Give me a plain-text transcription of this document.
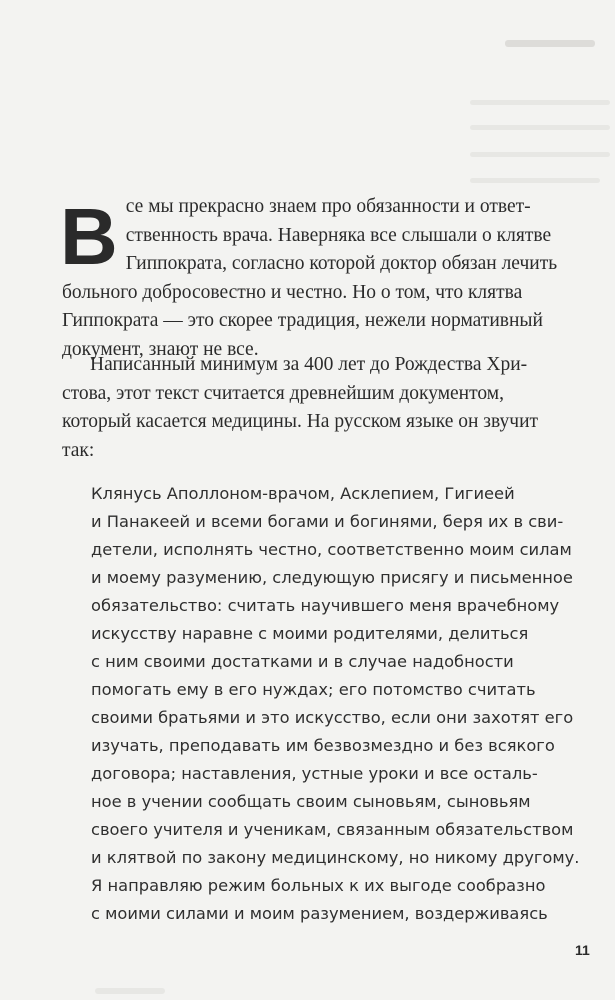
В се мы прекрасно знаем про обязанности и ответ-
ственность врача. Наверняка все слышали о клятве
Гиппократа, согласно которой доктор обязан лечить
больного добросовестно и честно. Но о том, что клятва
Гиппократа — это скорее традиция, нежели нормативный
документ, знают не все.
Написанный минимум за 400 лет до Рождества Хри-
стова, этот текст считается древнейшим документом,
который касается медицины. На русском языке он звучит
так:
Клянусь Аполлоном-врачом, Асклепием, Гигиеей
и Панакеей и всеми богами и богинями, беря их в сви-
детели, исполнять честно, соответственно моим силам
и моему разумению, следующую присягу и письменное
обязательство: считать научившего меня врачебному
искусству наравне с моими родителями, делиться
с ним своими достатками и в случае надобности
помогать ему в его нуждах; его потомство считать
своими братьями и это искусство, если они захотят его
изучать, преподавать им безвозмездно и без всякого
договора; наставления, устные уроки и все осталь-
ное в учении сообщать своим сыновьям, сыновьям
своего учителя и ученикам, связанным обязательством
и клятвой по закону медицинскому, но никому другому.
Я направляю режим больных к их выгоде сообразно
с моими силами и моим разумением, воздерживаясь
11
